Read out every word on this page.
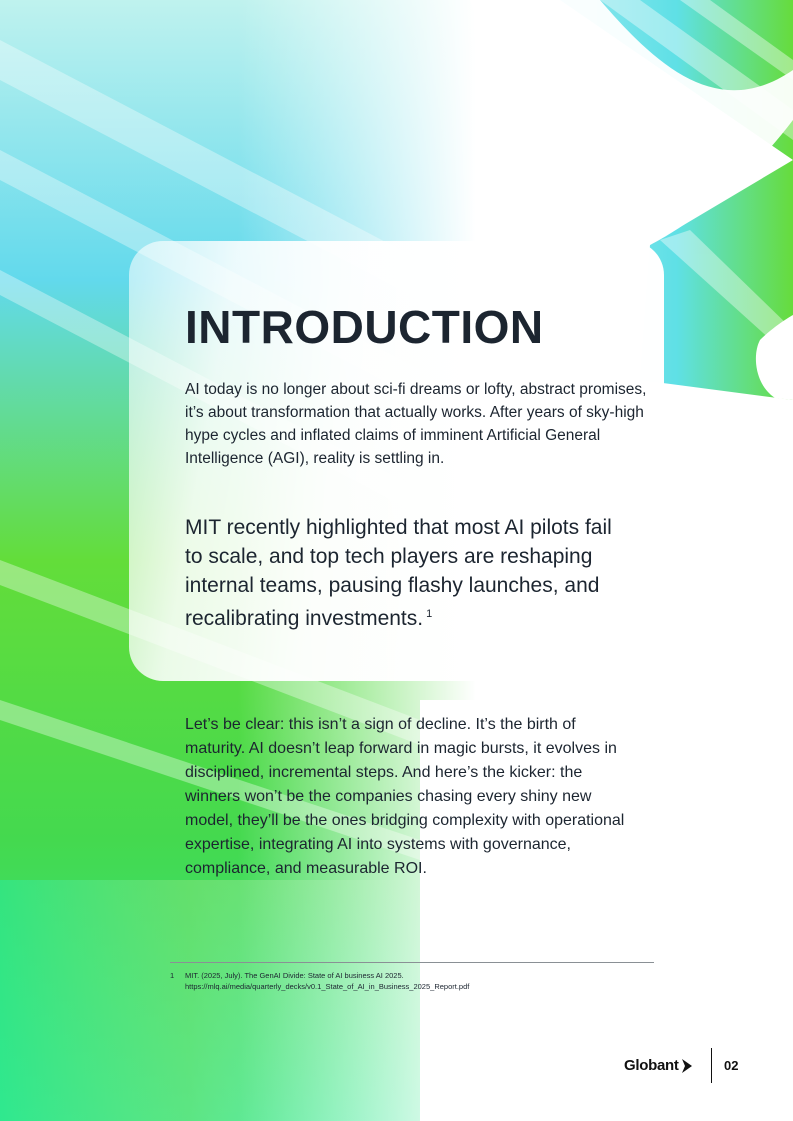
INTRODUCTION

AI today is no longer about sci-fi dreams or lofty, abstract promises, it’s about transformation that actually works. After years of sky-high hype cycles and inflated claims of imminent Artificial General Intelligence (AGI), reality is settling in.

MIT recently highlighted that most AI pilots fail to scale, and top tech players are reshaping internal teams, pausing flashy launches, and recalibrating investments. $^1$

Let’s be clear: this isn’t a sign of decline. It’s the birth of maturity. AI doesn’t leap forward in magic bursts, it evolves in disciplined, incremental steps. And here’s the kicker: the winners won’t be the companies chasing every shiny new model, they’ll be the ones bridging complexity with operational expertise, integrating AI into systems with governance, compliance, and measurable ROI.

1	MIT. (2025, July). The GenAI Divide: State of AI business AI 2025.
https://mlq.ai/media/quarterly_decks/v0.1_State_of_AI_in_Business_2025_Report.pdf
Globant	02
